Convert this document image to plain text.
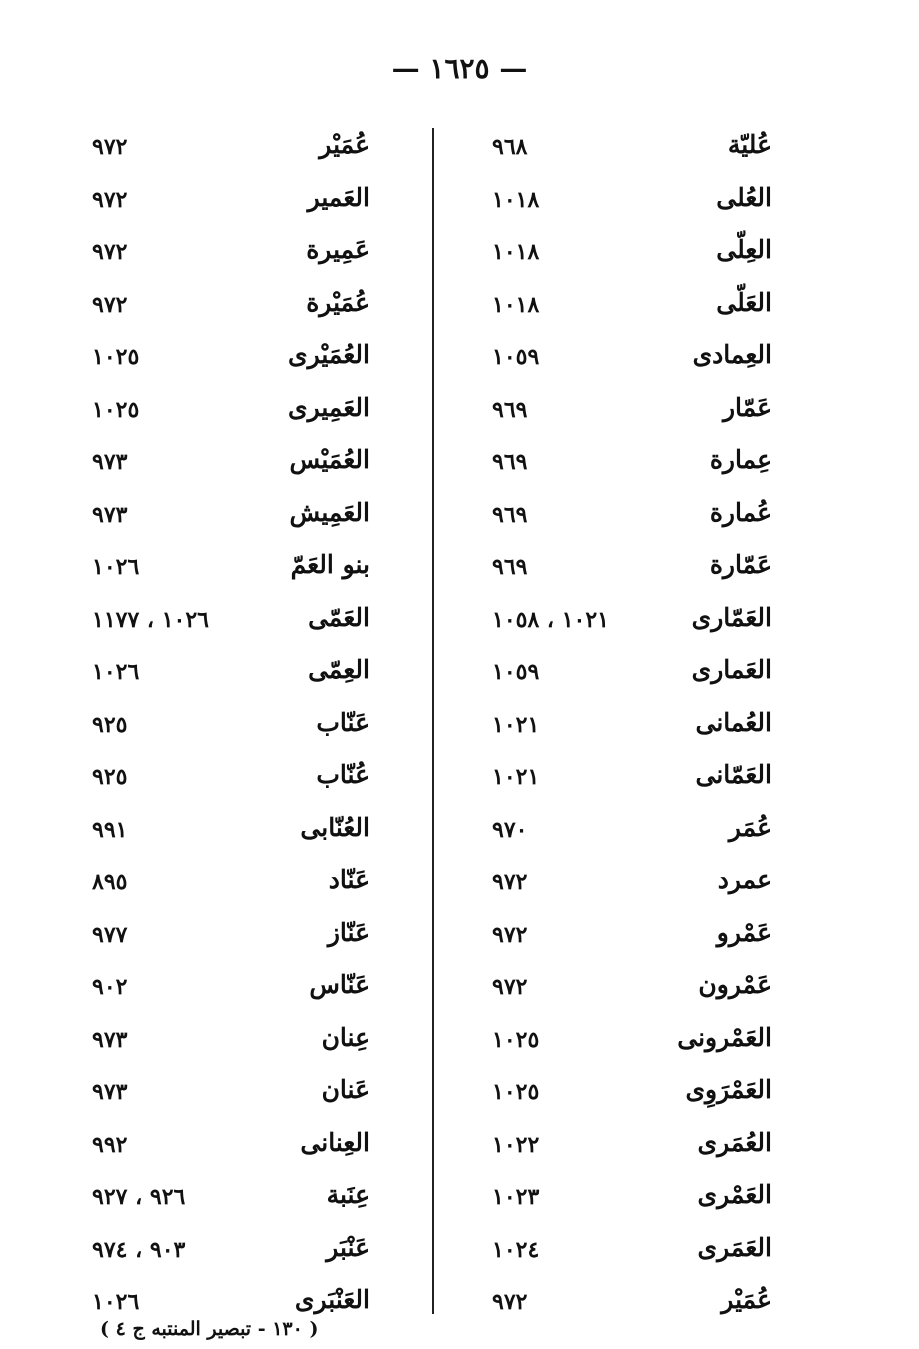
— ١٦٢٥ —
عُليّة
٩٦٨
العُلى
١٠١٨
العِلّى
١٠١٨
العَلّى
١٠١٨
العِمادى
١٠٥٩
عَمّار
٩٦٩
عِمارة
٩٦٩
عُمارة
٩٦٩
عَمّارة
٩٦٩
العَمّارى
١٠٢١ ، ١٠٥٨
العَمارى
١٠٥٩
العُمانى
١٠٢١
العَمّانى
١٠٢١
عُمَر
٩٧٠
عمرد
٩٧٢
عَمْرو
٩٧٢
عَمْرون
٩٧٢
العَمْرونى
١٠٢٥
العَمْرَوِى
١٠٢٥
العُمَرى
١٠٢٢
العَمْرى
١٠٢٣
العَمَرى
١٠٢٤
عُمَيْر
٩٧٢
عُمَيْر
٩٧٢
العَمير
٩٧٢
عَمِيرة
٩٧٢
عُمَيْرة
٩٧٢
العُمَيْرى
١٠٢٥
العَمِيرى
١٠٢٥
العُمَيْس
٩٧٣
العَمِيش
٩٧٣
بنو العَمّ
١٠٢٦
العَمّى
١٠٢٦ ، ١١٧٧
العِمّى
١٠٢٦
عَنّاب
٩٢٥
عُنّاب
٩٢٥
العُنّابى
٩٩١
عَنّاد
٨٩٥
عَنّاز
٩٧٧
عَنّاس
٩٠٢
عِنان
٩٧٣
عَنان
٩٧٣
العِنانى
٩٩٢
عِنَبة
٩٢٦ ، ٩٢٧
عَنْبَر
٩٠٣ ، ٩٧٤
العَنْبَرى
١٠٢٦
( ١٣٠ - تبصير المنتبه ج ٤ )
